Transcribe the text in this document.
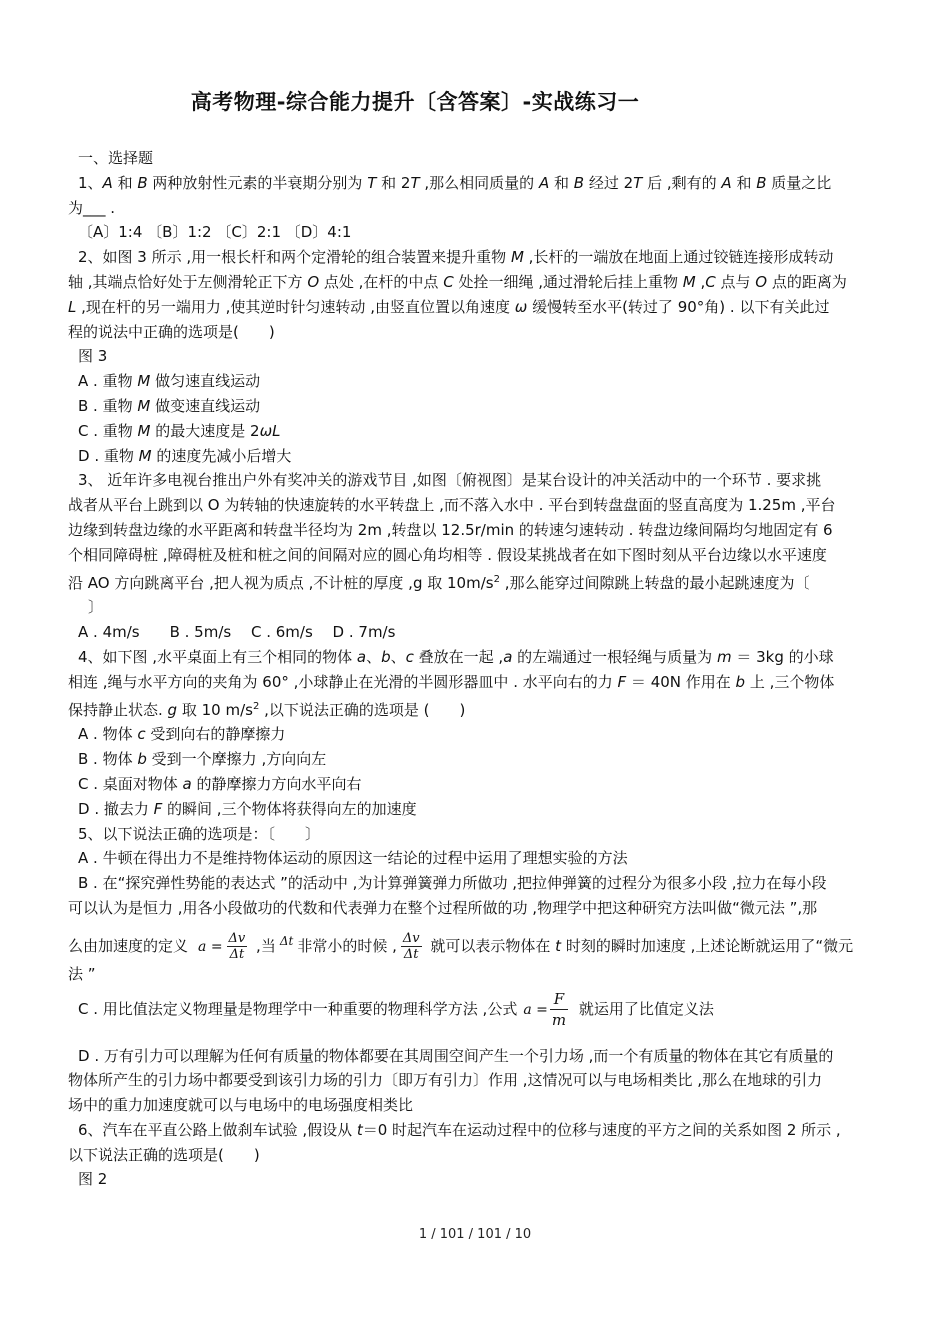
高考物理-综合能力提升〔含答案〕-实战练习一

一、选择题

1、A 和 B 两种放射性元素的半衰期分别为 T 和 2T ,那么相同质量的 A 和 B 经过 2T 后 ,剩有的 A 和 B 质量之比

为___ .

〔A〕1:4 〔B〕1:2 〔C〕2:1 〔D〕4:1

2、如图 3 所示 ,用一根长杆和两个定滑轮的组合装置来提升重物 M ,长杆的一端放在地面上通过铰链连接形成转动

轴 ,其端点恰好处于左侧滑轮正下方 O 点处 ,在杆的中点 C 处拴一细绳 ,通过滑轮后挂上重物 M ,C 点与 O 点的距离为

L ,现在杆的另一端用力 ,使其逆时针匀速转动 ,由竖直位置以角速度 ω 缓慢转至水平(转过了 90°角) . 以下有关此过

程的说法中正确的选项是(　　)

图 3

A . 重物 M 做匀速直线运动

B . 重物 M 做变速直线运动

C . 重物 M 的最大速度是 2ωL

D . 重物 M 的速度先减小后增大

3、 近年许多电视台推出户外有奖冲关的游戏节目 ,如图〔俯视图〕是某台设计的冲关活动中的一个环节 . 要求挑

战者从平台上跳到以 O 为转轴的快速旋转的水平转盘上 ,而不落入水中 . 平台到转盘盘面的竖直高度为 1.25m ,平台

边缘到转盘边缘的水平距离和转盘半径均为 2m ,转盘以 12.5r/min 的转速匀速转动 . 转盘边缘间隔均匀地固定有 6

个相同障碍桩 ,障碍桩及桩和桩之间的间隔对应的圆心角均相等 . 假设某挑战者在如下图时刻从平台边缘以水平速度

沿 AO 方向跳离平台 ,把人视为质点 ,不计桩的厚度 ,g 取 $10m/s^2$ ,那么能穿过间隙跳上转盘的最小起跳速度为〔

〕

A . 4m/s　　B . 5m/s　 C . 6m/s　 D . 7m/s

4、如下图 ,水平桌面上有三个相同的物体 a、b、c 叠放在一起 ,a 的左端通过一根轻绳与质量为 m ＝ 3kg 的小球

相连 ,绳与水平方向的夹角为 60° ,小球静止在光滑的半圆形器皿中 . 水平向右的力 F ＝ 40N 作用在 b 上 ,三个物体

保持静止状态. g 取 10 $m/s^2$ ,以下说法正确的选项是 (　　)

A . 物体 c 受到向右的静摩擦力

B . 物体 b 受到一个摩擦力 ,方向向左

C . 桌面对物体 a 的静摩擦力方向水平向右

D . 撤去力 F 的瞬间 ,三个物体将获得向左的加速度

5、以下说法正确的选项是：〔　　〕

A . 牛顿在得出力不是维持物体运动的原因这一结论的过程中运用了理想实验的方法

B . 在“探究弹性势能的表达式 ”的活动中 ,为计算弹簧弹力所做功 ,把拉伸弹簧的过程分为很多小段 ,拉力在每小段

可以认为是恒力 ,用各小段做功的代数和代表弹力在整个过程所做的功 ,物理学中把这种研究方法叫做“微元法 ”,那

么由加速度的定义 $a = \frac{\Delta v}{\Delta t}$ ,当 $^{\Delta t}$ 非常小的时候 , $\frac{\Delta v}{\Delta t}$ 就可以表示物体在 t 时刻的瞬时加速度 ,上述论断就运用了“微元

法 ”

C . 用比值法定义物理量是物理学中一种重要的物理科学方法 ,公式 $a = \frac{F}{m}$ 就运用了比值定义法

D . 万有引力可以理解为任何有质量的物体都要在其周围空间产生一个引力场 ,而一个有质量的物体在其它有质量的

物体所产生的引力场中都要受到该引力场的引力〔即万有引力〕作用 ,这情况可以与电场相类比 ,那么在地球的引力

场中的重力加速度就可以与电场中的电场强度相类比

6、汽车在平直公路上做刹车试验 ,假设从 t＝0 时起汽车在运动过程中的位移与速度的平方之间的关系如图 2 所示 ,

以下说法正确的选项是(　　)

图 2

1 / 101 / 101 / 10
